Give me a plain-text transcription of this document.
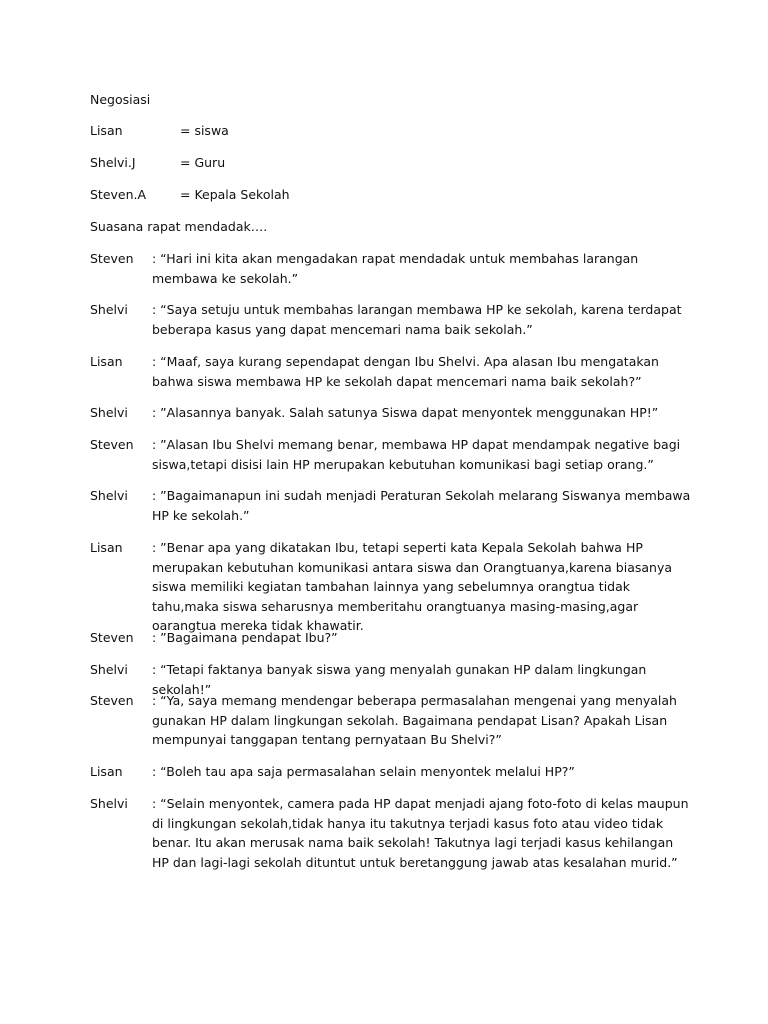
Negosiasi
Lisan	= siswa
Shelvi.J	= Guru
Steven.A	= Kepala Sekolah
Suasana rapat mendadak….
Steven	: “Hari ini kita akan mengadakan rapat mendadak untuk membahas larangan membawa ke sekolah.”
Shelvi	: “Saya setuju untuk membahas larangan membawa HP ke sekolah, karena terdapat beberapa kasus yang dapat mencemari nama baik sekolah.”
Lisan	: “Maaf, saya kurang sependapat dengan Ibu Shelvi. Apa alasan Ibu mengatakan bahwa siswa membawa HP ke sekolah dapat mencemari nama baik sekolah?”
Shelvi	: ”Alasannya banyak. Salah satunya Siswa dapat menyontek menggunakan HP!”
Steven	: ”Alasan Ibu Shelvi memang benar, membawa HP dapat mendampak negative bagi siswa,tetapi disisi lain HP merupakan kebutuhan komunikasi bagi setiap orang.”
Shelvi	: ”Bagaimanapun ini sudah menjadi Peraturan Sekolah melarang Siswanya membawa HP ke sekolah.”
Lisan	: ”Benar apa yang dikatakan Ibu, tetapi seperti kata Kepala Sekolah bahwa HP merupakan kebutuhan komunikasi antara siswa dan Orangtuanya,karena biasanya siswa memiliki kegiatan tambahan lainnya yang sebelumnya orangtua tidak tahu,maka siswa seharusnya memberitahu orangtuanya masing-masing,agar oarangtua mereka tidak khawatir.
Steven	: ”Bagaimana pendapat Ibu?”
Shelvi	: “Tetapi faktanya banyak siswa yang menyalah gunakan HP dalam lingkungan sekolah!”
Steven	: “Ya, saya memang mendengar beberapa permasalahan mengenai yang menyalah gunakan HP dalam lingkungan sekolah. Bagaimana pendapat Lisan? Apakah Lisan mempunyai tanggapan tentang pernyataan Bu Shelvi?”
Lisan	: “Boleh tau apa saja permasalahan selain menyontek melalui HP?”
Shelvi	: “Selain menyontek, camera pada HP dapat menjadi ajang foto-foto di kelas maupun di lingkungan sekolah,tidak hanya itu takutnya terjadi kasus foto atau video tidak benar. Itu akan merusak nama baik sekolah! Takutnya lagi terjadi kasus kehilangan HP dan lagi-lagi sekolah dituntut untuk beretanggung jawab atas kesalahan murid.”
